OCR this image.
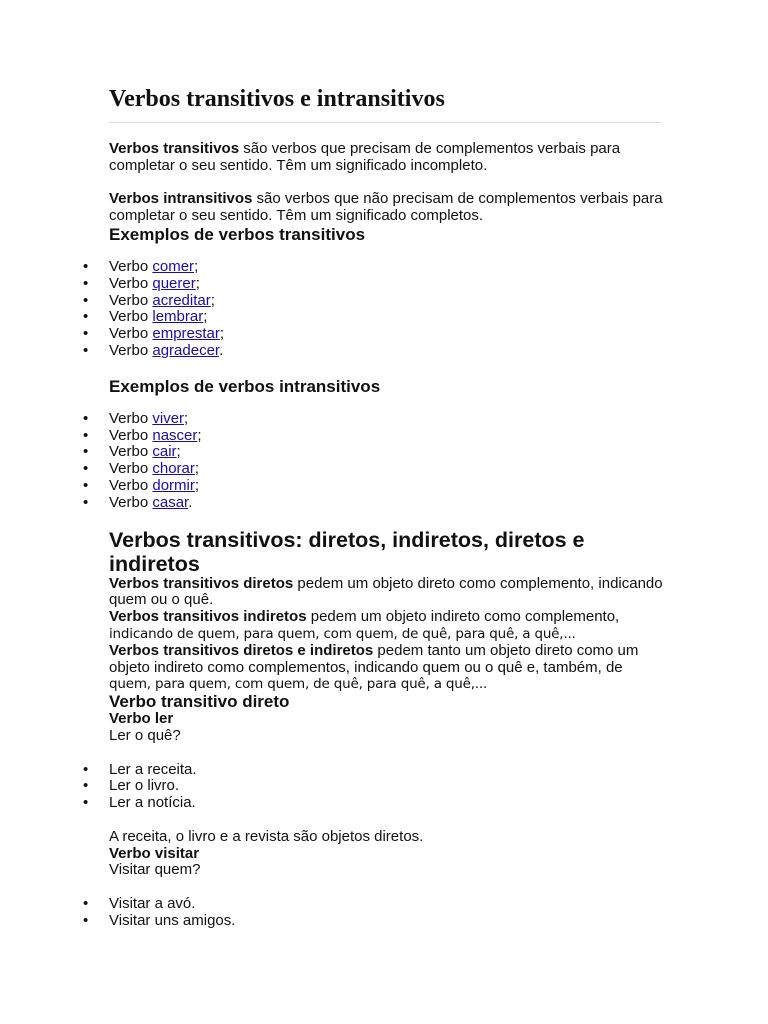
Verbos transitivos e intransitivos

Verbos transitivos são verbos que precisam de complementos verbais para completar o seu sentido. Têm um significado incompleto.

Verbos intransitivos são verbos que não precisam de complementos verbais para completar o seu sentido. Têm um significado completos.

Exemplos de verbos transitivos
• Verbo comer;
• Verbo querer;
• Verbo acreditar;
• Verbo lembrar;
• Verbo emprestar;
• Verbo agradecer.
Exemplos de verbos intransitivos
• Verbo viver;
• Verbo nascer;
• Verbo cair;
• Verbo chorar;
• Verbo dormir;
• Verbo casar.
Verbos transitivos: diretos, indiretos, diretos e indiretos

Verbos transitivos diretos pedem um objeto direto como complemento, indicando quem ou o quê.

Verbos transitivos indiretos pedem um objeto indireto como complemento,
indicando de quem, para quem, com quem, de quê, para quê, a quê,...

Verbos transitivos diretos e indiretos pedem tanto um objeto direto como um objeto indireto como complementos, indicando quem ou o quê e, também, de
quem, para quem, com quem, de quê, para quê, a quê,...

Verbo transitivo direto

Verbo ler

Ler o quê?

• Ler a receita.
• Ler o livro.
• Ler a notícia.

A receita, o livro e a revista são objetos diretos.

Verbo visitar

Visitar quem?

• Visitar a avó.
• Visitar uns amigos.
